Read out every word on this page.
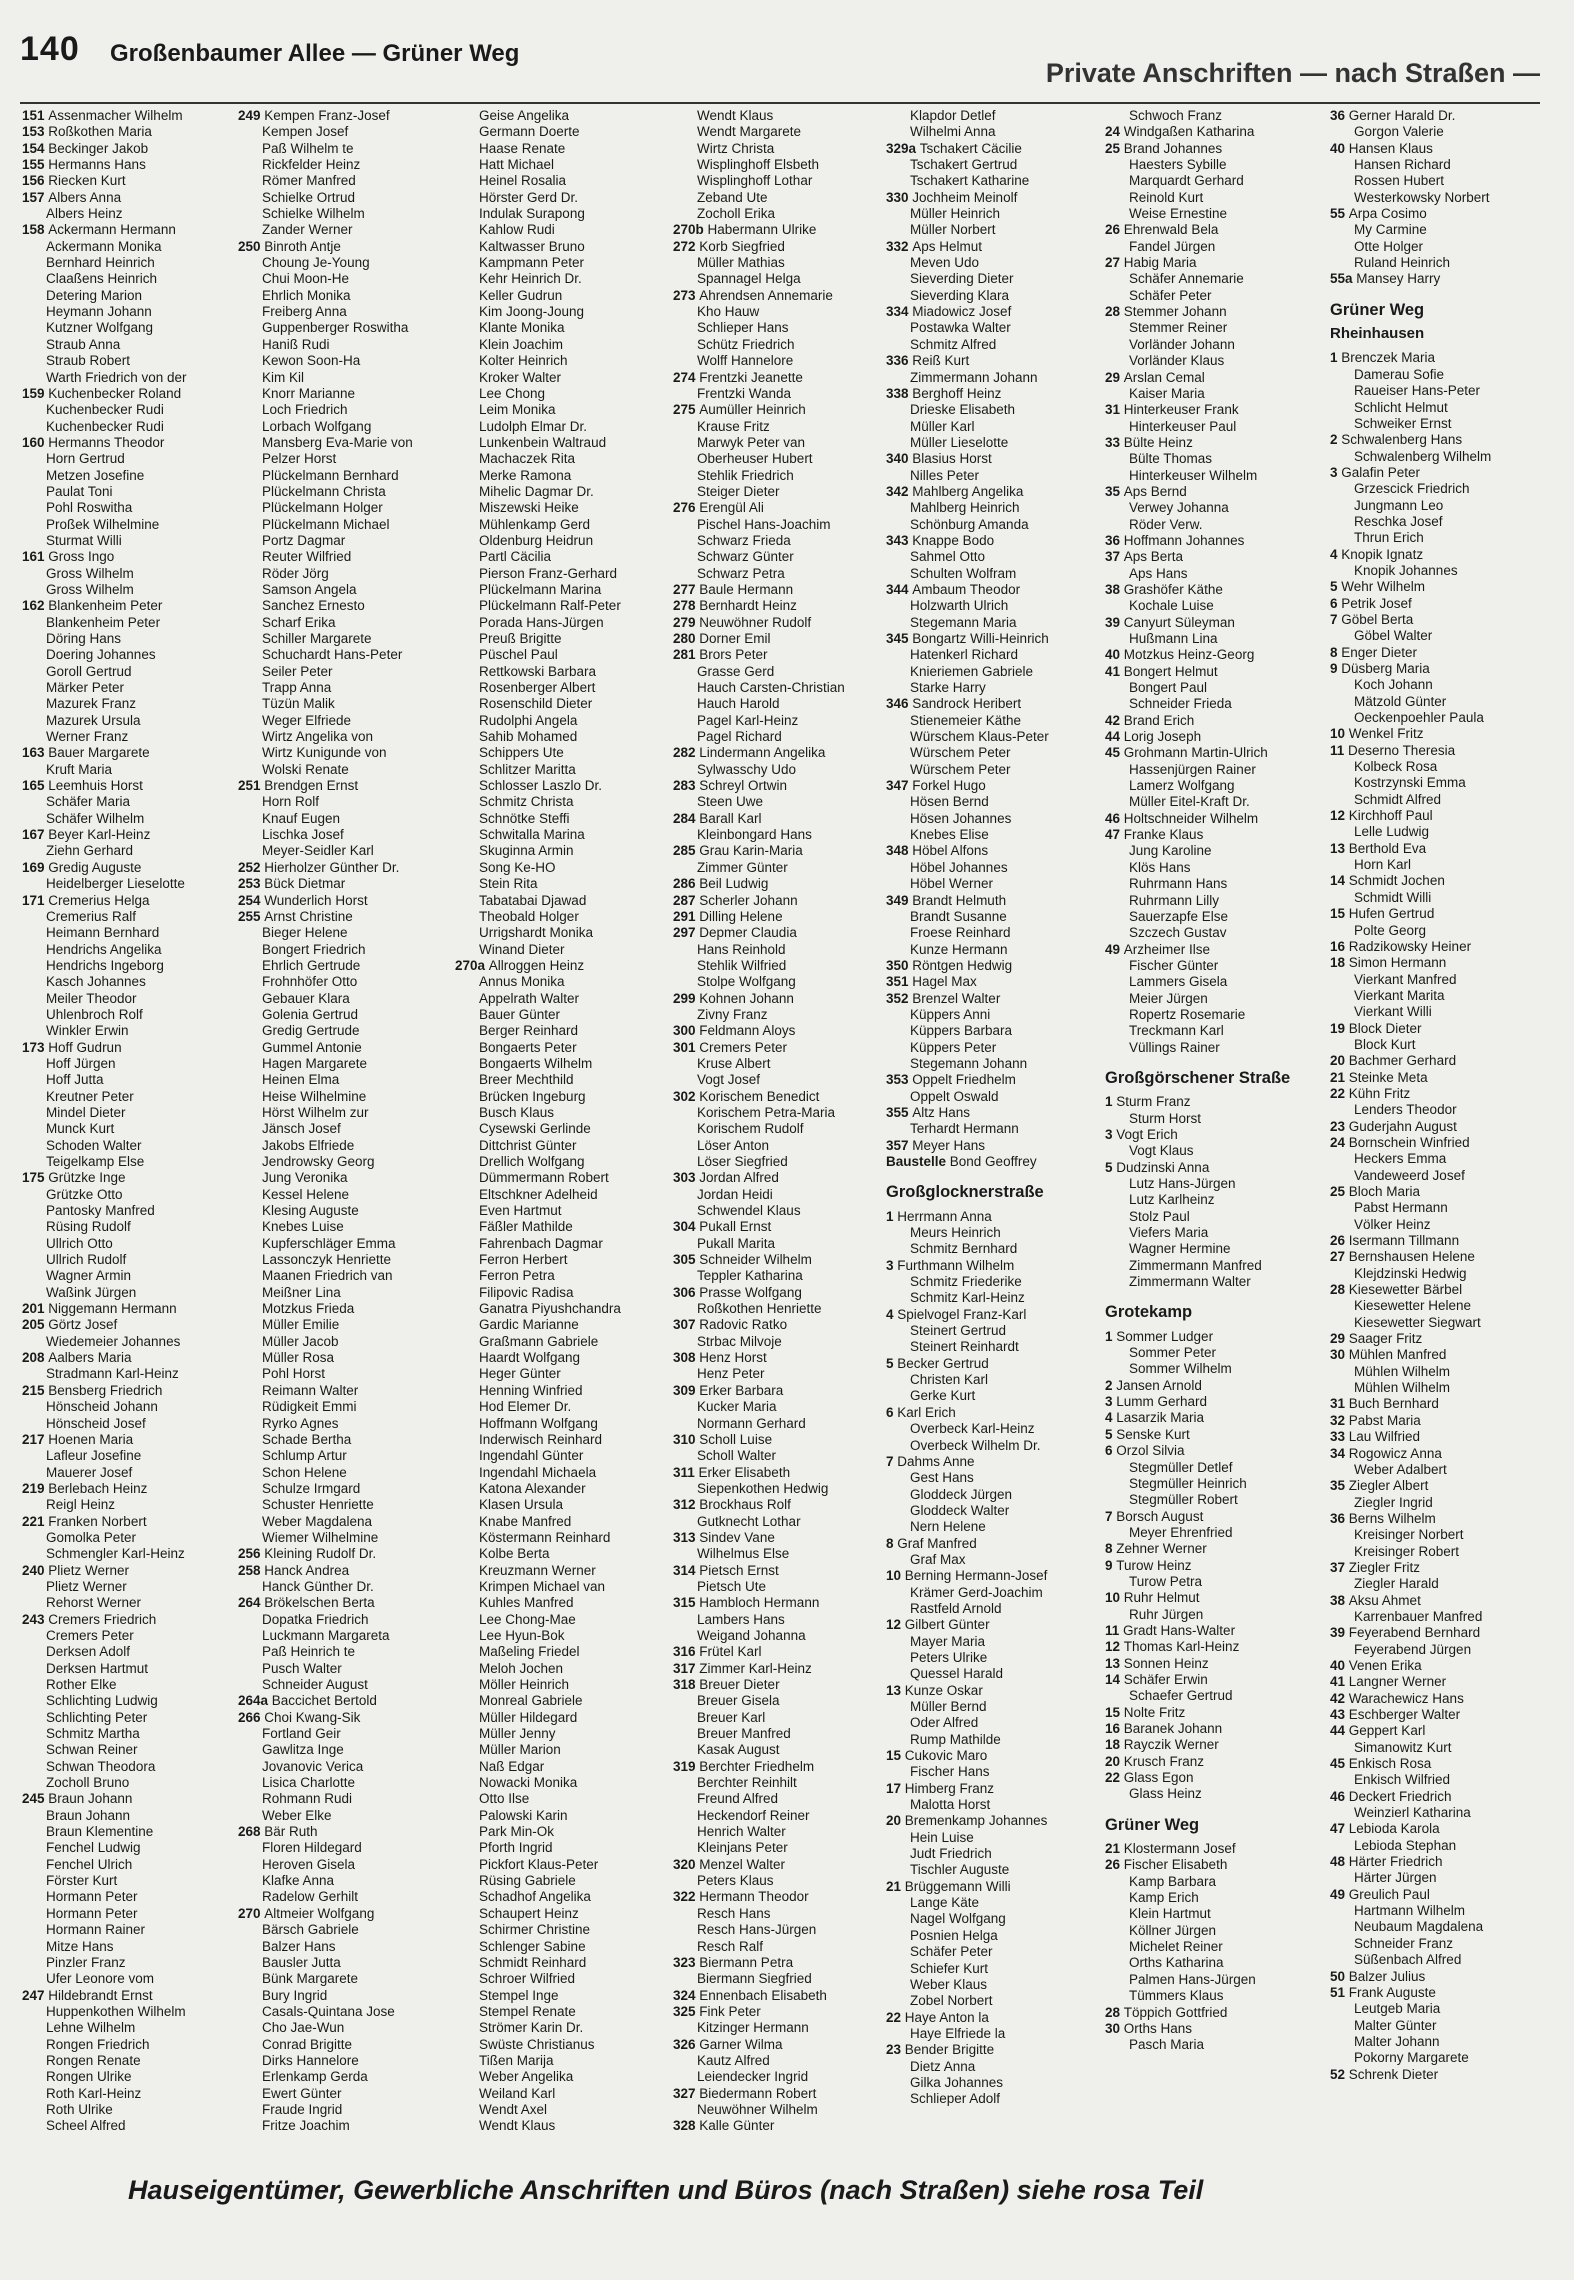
140 Großenbaumer Allee — Grüner Weg
Private Anschriften — nach Straßen —
151 Assenmacher Wilhelm
153 Roßkothen Maria
154 Beckinger Jakob
155 Hermanns Hans
156 Riecken Kurt
157 Albers Anna
Albers Heinz
158 Ackermann Hermann
Ackermann Monika
Bernhard Heinrich
Claaßens Heinrich
Detering Marion
Heymann Johann
Kutzner Wolfgang
Straub Anna
Straub Robert
Warth Friedrich von der
159 Kuchenbecker Roland
Kuchenbecker Rudi
Kuchenbecker Rudi
160 Hermanns Theodor
Horn Gertrud
Metzen Josefine
Paulat Toni
Pohl Roswitha
Proßek Wilhelmine
Sturmat Willi
161 Gross Ingo
Gross Wilhelm
Gross Wilhelm
162 Blankenheim Peter
Blankenheim Peter
Döring Hans
Doering Johannes
Goroll Gertrud
Märker Peter
Mazurek Franz
Mazurek Ursula
Werner Franz
163 Bauer Margarete
Kruft Maria
165 Leemhuis Horst
Schäfer Maria
Schäfer Wilhelm
167 Beyer Karl-Heinz
Ziehn Gerhard
169 Gredig Auguste
Heidelberger Lieselotte
171 Cremerius Helga
Cremerius Ralf
Heimann Bernhard
Hendrichs Angelika
Hendrichs Ingeborg
Kasch Johannes
Meiler Theodor
Uhlenbroch Rolf
Winkler Erwin
173 Hoff Gudrun
Hoff Jürgen
Hoff Jutta
Kreutner Peter
Mindel Dieter
Munck Kurt
Schoden Walter
Teigelkamp Else
175 Grützke Inge
Grützke Otto
Pantosky Manfred
Rüsing Rudolf
Ullrich Otto
Ullrich Rudolf
Wagner Armin
Waßink Jürgen
201 Niggemann Hermann
205 Görtz Josef
Wiedemeier Johannes
208 Aalbers Maria
Stradmann Karl-Heinz
215 Bensberg Friedrich
Hönscheid Johann
Hönscheid Josef
217 Hoenen Maria
Lafleur Josefine
Mauerer Josef
219 Berlebach Heinz
Reigl Heinz
221 Franken Norbert
Gomolka Peter
Schmengler Karl-Heinz
240 Plietz Werner
Plietz Werner
Rehorst Werner
243 Cremers Friedrich
Cremers Peter
Derksen Adolf
Derksen Hartmut
Rother Elke
Schlichting Ludwig
Schlichting Peter
Schmitz Martha
Schwan Reiner
Schwan Theodora
Zocholl Bruno
245 Braun Johann
Braun Johann
Braun Klementine
Fenchel Ludwig
Fenchel Ulrich
Förster Kurt
Hormann Peter
Hormann Peter
Hormann Rainer
Mitze Hans
Pinzler Franz
Ufer Leonore vom
247 Hildebrandt Ernst
Huppenkothen Wilhelm
Lehne Wilhelm
Rongen Friedrich
Rongen Renate
Rongen Ulrike
Roth Karl-Heinz
Roth Ulrike
Scheel Alfred
249 Kempen Franz-Josef
Kempen Josef
Paß Wilhelm te
Rickfelder Heinz
Römer Manfred
Schielke Ortrud
Schielke Wilhelm
Zander Werner
250 Binroth Antje
Choung Je-Young
Chui Moon-He
Ehrlich Monika
Freiberg Anna
Guppenberger Roswitha
Haniß Rudi
Kewon Soon-Ha
Kim Kil
Knorr Marianne
Loch Friedrich
Lorbach Wolfgang
Mansberg Eva-Marie von
Pelzer Horst
Plückelmann Bernhard
Plückelmann Christa
Plückelmann Holger
Plückelmann Michael
Portz Dagmar
Reuter Wilfried
Röder Jörg
Samson Angela
Sanchez Ernesto
Scharf Erika
Schiller Margarete
Schuchardt Hans-Peter
Seiler Peter
Trapp Anna
Tüzün Malik
Weger Elfriede
Wirtz Angelika von
Wirtz Kunigunde von
Wolski Renate
251 Brendgen Ernst
Horn Rolf
Knauf Eugen
Lischka Josef
Meyer-Seidler Karl
252 Hierholzer Günther Dr.
253 Bück Dietmar
254 Wunderlich Horst
255 Arnst Christine
Bieger Helene
Bongert Friedrich
Ehrlich Gertrude
Frohnhöfer Otto
Gebauer Klara
Golenia Gertrud
Gredig Gertrude
Gummel Antonie
Hagen Margarete
Heinen Elma
Heise Wilhelmine
Hörst Wilhelm zur
Jänsch Josef
Jakobs Elfriede
Jendrowsky Georg
Jung Veronika
Kessel Helene
Klesing Auguste
Knebes Luise
Kupferschläger Emma
Lassonczyk Henriette
Maanen Friedrich van
Meißner Lina
Motzkus Frieda
Müller Emilie
Müller Jacob
Müller Rosa
Pohl Horst
Reimann Walter
Rüdigkeit Emmi
Ryrko Agnes
Schade Bertha
Schlump Artur
Schon Helene
Schulze Irmgard
Schuster Henriette
Weber Magdalena
Wiemer Wilhelmine
256 Kleining Rudolf Dr.
258 Hanck Andrea
Hanck Günther Dr.
264 Brökelschen Berta
Dopatka Friedrich
Luckmann Margareta
Paß Heinrich te
Pusch Walter
Schneider August
264a Baccichet Bertold
266 Choi Kwang-Sik
Fortland Geir
Gawlitza Inge
Jovanovic Verica
Lisica Charlotte
Rohmann Rudi
Weber Elke
268 Bär Ruth
Floren Hildegard
Heroven Gisela
Klafke Anna
Radelow Gerhilt
270 Altmeier Wolfgang
Bärsch Gabriele
Balzer Hans
Bausler Jutta
Bünk Margarete
Bury Ingrid
Casals-Quintana Jose
Cho Jae-Wun
Conrad Brigitte
Dirks Hannelore
Erlenkamp Gerda
Ewert Günter
Fraude Ingrid
Fritze Joachim
Geise Angelika
Germann Doerte
Haase Renate
Hatt Michael
Heinel Rosalia
Hörster Gerd Dr.
Indulak Surapong
Kahlow Rudi
Kaltwasser Bruno
Kampmann Peter
Kehr Heinrich Dr.
Keller Gudrun
Kim Joong-Joung
Klante Monika
Klein Joachim
Kolter Heinrich
Kroker Walter
Lee Chong
Leim Monika
Ludolph Elmar Dr.
Lunkenbein Waltraud
Machaczek Rita
Merke Ramona
Mihelic Dagmar Dr.
Miszewski Heike
Mühlenkamp Gerd
Oldenburg Heidrun
Partl Cäcilia
Pierson Franz-Gerhard
Plückelmann Marina
Plückelmann Ralf-Peter
Porada Hans-Jürgen
Preuß Brigitte
Püschel Paul
Rettkowski Barbara
Rosenberger Albert
Rosenschild Dieter
Rudolphi Angela
Sahib Mohamed
Schippers Ute
Schlitzer Maritta
Schlosser Laszlo Dr.
Schmitz Christa
Schnötke Steffi
Schwitalla Marina
Skuginna Armin
Song Ke-HO
Stein Rita
Tabatabai Djawad
Theobald Holger
Urrigshardt Monika
Winand Dieter
270a Allroggen Heinz
Annus Monika
Appelrath Walter
Bauer Günter
Berger Reinhard
Bongaerts Peter
Bongaerts Wilhelm
Breer Mechthild
Brücken Ingeburg
Busch Klaus
Cysewski Gerlinde
Dittchrist Günter
Drellich Wolfgang
Dümmermann Robert
Eltschkner Adelheid
Even Hartmut
Fäßler Mathilde
Fahrenbach Dagmar
Ferron Herbert
Ferron Petra
Filipovic Radisa
Ganatra Piyushchandra
Gardic Marianne
Graßmann Gabriele
Haardt Wolfgang
Heger Günter
Henning Winfried
Hod Elemer Dr.
Hoffmann Wolfgang
Inderwisch Reinhard
Ingendahl Günter
Ingendahl Michaela
Katona Alexander
Klasen Ursula
Knabe Manfred
Köstermann Reinhard
Kolbe Berta
Kreuzmann Werner
Krimpen Michael van
Kuhles Manfred
Lee Chong-Mae
Lee Hyun-Bok
Maßeling Friedel
Meloh Jochen
Möller Heinrich
Monreal Gabriele
Müller Hildegard
Müller Jenny
Müller Marion
Naß Edgar
Nowacki Monika
Otto Ilse
Palowski Karin
Park Min-Ok
Pforth Ingrid
Pickfort Klaus-Peter
Rüsing Gabriele
Schadhof Angelika
Schaupert Heinz
Schirmer Christine
Schlenger Sabine
Schmidt Reinhard
Schroer Wilfried
Stempel Inge
Stempel Renate
Strömer Karin Dr.
Swüste Christianus
Tißen Marija
Weber Angelika
Weiland Karl
Wendt Axel
Wendt Klaus
Wendt Klaus
Wendt Margarete
Wirtz Christa
Wisplinghoff Elsbeth
Wisplinghoff Lothar
Zeband Ute
Zocholl Erika
270b Habermann Ulrike
272 Korb Siegfried
Müller Mathias
Spannagel Helga
273 Ahrendsen Annemarie
Kho Hauw
Schlieper Hans
Schütz Friedrich
Wolff Hannelore
274 Frentzki Jeanette
Frentzki Wanda
275 Aumüller Heinrich
Krause Fritz
Marwyk Peter van
Oberheuser Hubert
Stehlik Friedrich
Steiger Dieter
276 Erengül Ali
Pischel Hans-Joachim
Schwarz Frieda
Schwarz Günter
Schwarz Petra
277 Baule Hermann
278 Bernhardt Heinz
279 Neuwöhner Rudolf
280 Dorner Emil
281 Brors Peter
Grasse Gerd
Hauch Carsten-Christian
Hauch Harold
Pagel Karl-Heinz
Pagel Richard
282 Lindermann Angelika
Sylwasschy Udo
283 Schreyl Ortwin
Steen Uwe
284 Barall Karl
Kleinbongard Hans
285 Grau Karin-Maria
Zimmer Günter
286 Beil Ludwig
287 Scherler Johann
291 Dilling Helene
297 Depmer Claudia
Hans Reinhold
Stehlik Wilfried
Stolpe Wolfgang
299 Kohnen Johann
Zivny Franz
300 Feldmann Aloys
301 Cremers Peter
Kruse Albert
Vogt Josef
302 Korischem Benedict
Korischem Petra-Maria
Korischem Rudolf
Löser Anton
Löser Siegfried
303 Jordan Alfred
Jordan Heidi
Schwendel Klaus
304 Pukall Ernst
Pukall Marita
305 Schneider Wilhelm
Teppler Katharina
306 Prasse Wolfgang
Roßkothen Henriette
307 Radovic Ratko
Strbac Milvoje
308 Henz Horst
Henz Peter
309 Erker Barbara
Kucker Maria
Normann Gerhard
310 Scholl Luise
Scholl Walter
311 Erker Elisabeth
Siepenkothen Hedwig
312 Brockhaus Rolf
Gutknecht Lothar
313 Sindev Vane
Wilhelmus Else
314 Pietsch Ernst
Pietsch Ute
315 Hambloch Hermann
Lambers Hans
Weigand Johanna
316 Frütel Karl
317 Zimmer Karl-Heinz
318 Breuer Dieter
Breuer Gisela
Breuer Karl
Breuer Manfred
Kasak August
319 Berchter Friedhelm
Berchter Reinhilt
Freund Alfred
Heckendorf Reiner
Henrich Walter
Kleinjans Peter
320 Menzel Walter
Peters Klaus
322 Hermann Theodor
Resch Hans
Resch Hans-Jürgen
Resch Ralf
323 Biermann Petra
Biermann Siegfried
324 Ennenbach Elisabeth
325 Fink Peter
Kitzinger Hermann
326 Garner Wilma
Kautz Alfred
Leiendecker Ingrid
327 Biedermann Robert
Neuwöhner Wilhelm
328 Kalle Günter
Klapdor Detlef
Wilhelmi Anna
329a Tschakert Cäcilie
Tschakert Gertrud
Tschakert Katharine
330 Jochheim Meinolf
Müller Heinrich
Müller Norbert
332 Aps Helmut
Meven Udo
Sieverding Dieter
Sieverding Klara
334 Miadowicz Josef
Postawka Walter
Schmitz Alfred
336 Reiß Kurt
Zimmermann Johann
338 Berghoff Heinz
Drieske Elisabeth
Müller Karl
Müller Lieselotte
340 Blasius Horst
Nilles Peter
342 Mahlberg Angelika
Mahlberg Heinrich
Schönburg Amanda
343 Knappe Bodo
Sahmel Otto
Schulten Wolfram
344 Ambaum Theodor
Holzwarth Ulrich
Stegemann Maria
345 Bongartz Willi-Heinrich
Hatenkerl Richard
Knieriemen Gabriele
Starke Harry
346 Sandrock Heribert
Stienemeier Käthe
Würschem Klaus-Peter
Würschem Peter
Würschem Peter
347 Forkel Hugo
Hösen Bernd
Hösen Johannes
Knebes Elise
348 Höbel Alfons
Höbel Johannes
Höbel Werner
349 Brandt Helmuth
Brandt Susanne
Froese Reinhard
Kunze Hermann
350 Röntgen Hedwig
351 Hagel Max
352 Brenzel Walter
Küppers Anni
Küppers Barbara
Küppers Peter
Stegemann Johann
353 Oppelt Friedhelm
Oppelt Oswald
355 Altz Hans
Terhardt Hermann
357 Meyer Hans
Baustelle Bond Geoffrey
Großglocknerstraße
1 Herrmann Anna
Meurs Heinrich
Schmitz Bernhard
3 Furthmann Wilhelm
Schmitz Friederike
Schmitz Karl-Heinz
4 Spielvogel Franz-Karl
Steinert Gertrud
Steinert Reinhardt
5 Becker Gertrud
Christen Karl
Gerke Kurt
6 Karl Erich
Overbeck Karl-Heinz
Overbeck Wilhelm Dr.
7 Dahms Anne
Gest Hans
Gloddeck Jürgen
Gloddeck Walter
Nern Helene
8 Graf Manfred
Graf Max
10 Berning Hermann-Josef
Krämer Gerd-Joachim
Rastfeld Arnold
12 Gilbert Günter
Mayer Maria
Peters Ulrike
Quessel Harald
13 Kunze Oskar
Müller Bernd
Oder Alfred
Rump Mathilde
15 Cukovic Maro
Fischer Hans
17 Himberg Franz
Malotta Horst
20 Bremenkamp Johannes
Hein Luise
Judt Friedrich
Tischler Auguste
21 Brüggemann Willi
Lange Käte
Nagel Wolfgang
Posnien Helga
Schäfer Peter
Schiefer Kurt
Weber Klaus
Zobel Norbert
22 Haye Anton la
Haye Elfriede la
23 Bender Brigitte
Dietz Anna
Gilka Johannes
Schlieper Adolf
Schwoch Franz
24 Windgaßen Katharina
25 Brand Johannes
Haesters Sybille
Marquardt Gerhard
Reinold Kurt
Weise Ernestine
26 Ehrenwald Bela
Fandel Jürgen
27 Habig Maria
Schäfer Annemarie
Schäfer Peter
28 Stemmer Johann
Stemmer Reiner
Vorländer Johann
Vorländer Klaus
29 Arslan Cemal
Kaiser Maria
31 Hinterkeuser Frank
Hinterkeuser Paul
33 Bülte Heinz
Bülte Thomas
Hinterkeuser Wilhelm
35 Aps Bernd
Verwey Johanna
Röder Verw.
36 Hoffmann Johannes
37 Aps Berta
Aps Hans
38 Grashöfer Käthe
Kochale Luise
39 Canyurt Süleyman
Hußmann Lina
40 Motzkus Heinz-Georg
41 Bongert Helmut
Bongert Paul
Schneider Frieda
42 Brand Erich
44 Lorig Joseph
45 Grohmann Martin-Ulrich
Hassenjürgen Rainer
Lamerz Wolfgang
Müller Eitel-Kraft Dr.
46 Holtschneider Wilhelm
47 Franke Klaus
Jung Karoline
Klös Hans
Ruhrmann Hans
Ruhrmann Lilly
Sauerzapfe Else
Szczech Gustav
49 Arzheimer Ilse
Fischer Günter
Lammers Gisela
Meier Jürgen
Ropertz Rosemarie
Treckmann Karl
Vüllings Rainer
Großgörschener Straße
1 Sturm Franz
Sturm Horst
3 Vogt Erich
Vogt Klaus
5 Dudzinski Anna
Lutz Hans-Jürgen
Lutz Karlheinz
Stolz Paul
Viefers Maria
Wagner Hermine
Zimmermann Manfred
Zimmermann Walter
Grotekamp
1 Sommer Ludger
Sommer Peter
Sommer Wilhelm
2 Jansen Arnold
3 Lumm Gerhard
4 Lasarzik Maria
5 Senske Kurt
6 Orzol Silvia
Stegmüller Detlef
Stegmüller Heinrich
Stegmüller Robert
7 Borsch August
Meyer Ehrenfried
8 Zehner Werner
9 Turow Heinz
Turow Petra
10 Ruhr Helmut
Ruhr Jürgen
11 Gradt Hans-Walter
12 Thomas Karl-Heinz
13 Sonnen Heinz
14 Schäfer Erwin
Schaefer Gertrud
15 Nolte Fritz
16 Baranek Johann
18 Rayczik Werner
20 Krusch Franz
22 Glass Egon
Glass Heinz
Grüner Weg
21 Klostermann Josef
26 Fischer Elisabeth
Kamp Barbara
Kamp Erich
Klein Hartmut
Köllner Jürgen
Michelet Reiner
Orths Katharina
Palmen Hans-Jürgen
Tümmers Klaus
28 Töppich Gottfried
30 Orths Hans
Pasch Maria
36 Gerner Harald Dr.
Gorgon Valerie
40 Hansen Klaus
Hansen Richard
Rossen Hubert
Westerkowsky Norbert
55 Arpa Cosimo
My Carmine
Otte Holger
Ruland Heinrich
55a Mansey Harry
Grüner Weg
Rheinhausen
1 Brenczek Maria
Damerau Sofie
Raueiser Hans-Peter
Schlicht Helmut
Schweiker Ernst
2 Schwalenberg Hans
Schwalenberg Wilhelm
3 Galafin Peter
Grzescick Friedrich
Jungmann Leo
Reschka Josef
Thrun Erich
4 Knopik Ignatz
Knopik Johannes
5 Wehr Wilhelm
6 Petrik Josef
7 Göbel Berta
Göbel Walter
8 Enger Dieter
9 Düsberg Maria
Koch Johann
Mätzold Günter
Oeckenpoehler Paula
10 Wenkel Fritz
11 Deserno Theresia
Kolbeck Rosa
Kostrzynski Emma
Schmidt Alfred
12 Kirchhoff Paul
Lelle Ludwig
13 Berthold Eva
Horn Karl
14 Schmidt Jochen
Schmidt Willi
15 Hufen Gertrud
Polte Georg
16 Radzikowsky Heiner
18 Simon Hermann
Vierkant Manfred
Vierkant Marita
Vierkant Willi
19 Block Dieter
Block Kurt
20 Bachmer Gerhard
21 Steinke Meta
22 Kühn Fritz
Lenders Theodor
23 Guderjahn August
24 Bornschein Winfried
Heckers Emma
Vandeweerd Josef
25 Bloch Maria
Pabst Hermann
Völker Heinz
26 Isermann Tillmann
27 Bernshausen Helene
Klejdzinski Hedwig
28 Kiesewetter Bärbel
Kiesewetter Helene
Kiesewetter Siegwart
29 Saager Fritz
30 Mühlen Manfred
Mühlen Wilhelm
Mühlen Wilhelm
31 Buch Bernhard
32 Pabst Maria
33 Lau Wilfried
34 Rogowicz Anna
Weber Adalbert
35 Ziegler Albert
Ziegler Ingrid
36 Berns Wilhelm
Kreisinger Norbert
Kreisinger Robert
37 Ziegler Fritz
Ziegler Harald
38 Aksu Ahmet
Karrenbauer Manfred
39 Feyerabend Bernhard
Feyerabend Jürgen
40 Venen Erika
41 Langner Werner
42 Warachewicz Hans
43 Eschberger Walter
44 Geppert Karl
Simanowitz Kurt
45 Enkisch Rosa
Enkisch Wilfried
46 Deckert Friedrich
Weinzierl Katharina
47 Lebioda Karola
Lebioda Stephan
48 Härter Friedrich
Härter Jürgen
49 Greulich Paul
Hartmann Wilhelm
Neubaum Magdalena
Schneider Franz
Süßenbach Alfred
50 Balzer Julius
51 Frank Auguste
Leutgeb Maria
Malter Günter
Malter Johann
Pokorny Margarete
52 Schrenk Dieter
Hauseigentümer, Gewerbliche Anschriften und Büros (nach Straßen) siehe rosa Teil
